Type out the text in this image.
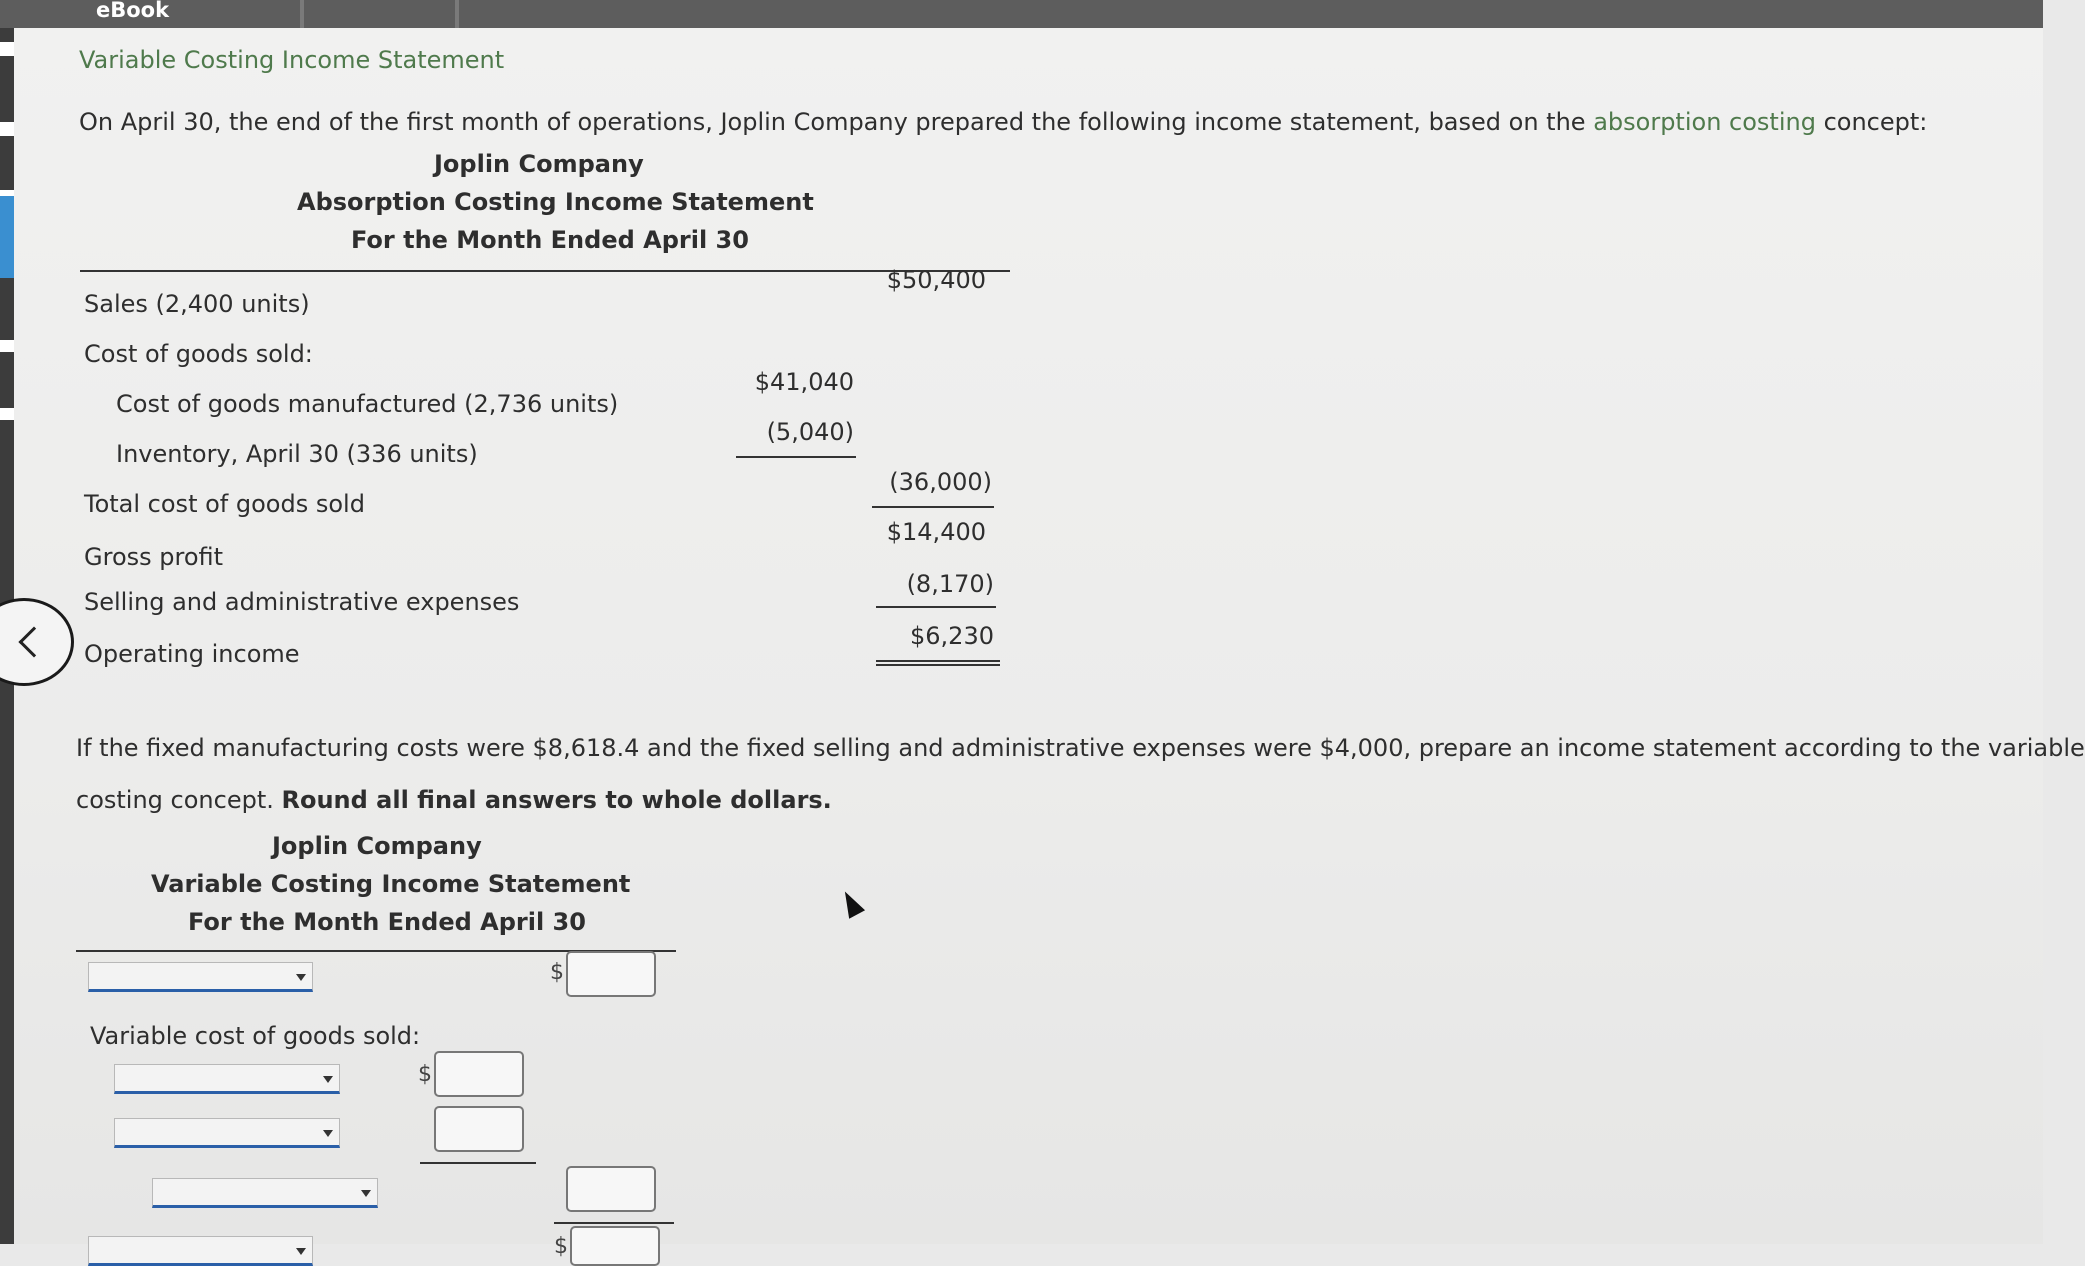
eBook
Variable Costing Income Statement
On April 30, the end of the first month of operations, Joplin Company prepared the following income statement, based on the absorption costing concept:
Joplin Company
Absorption Costing Income Statement
For the Month Ended April 30
Sales (2,400 units)
$50,400
Cost of goods sold:
Cost of goods manufactured (2,736 units)
$41,040
Inventory, April 30 (336 units)
(5,040)
Total cost of goods sold
(36,000)
Gross profit
$14,400
Selling and administrative expenses
(8,170)
Operating income
$6,230
If the fixed manufacturing costs were $8,618.4 and the fixed selling and administrative expenses were $4,000, prepare an income statement according to the variable
costing concept. Round all final answers to whole dollars.
Joplin Company
Variable Costing Income Statement
For the Month Ended April 30
$
Variable cost of goods sold:
$
$
